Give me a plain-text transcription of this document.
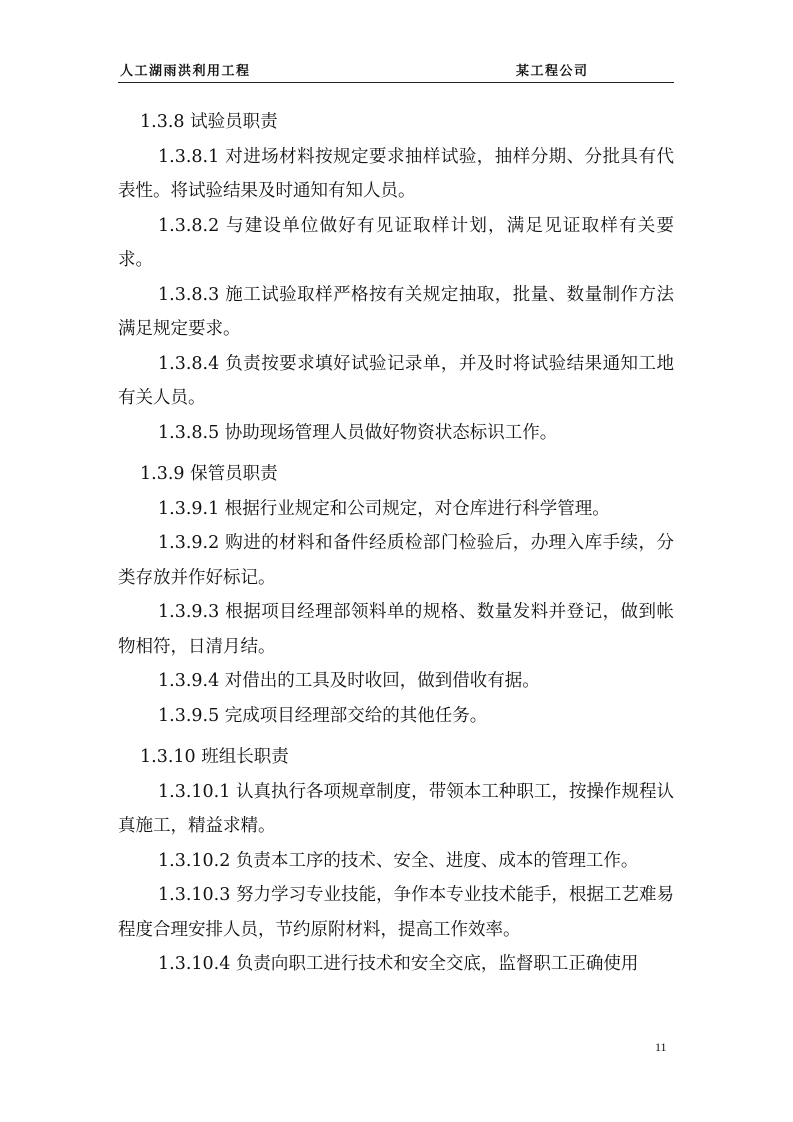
人工湖雨洪利用工程	某工程公司

1.3.8 试验员职责

1.3.8.1 对进场材料按规定要求抽样试验，抽样分期、分批具有代表性。将试验结果及时通知有知人员。

1.3.8.2 与建设单位做好有见证取样计划，满足见证取样有关要求。

1.3.8.3 施工试验取样严格按有关规定抽取，批量、数量制作方法满足规定要求。

1.3.8.4 负责按要求填好试验记录单，并及时将试验结果通知工地有关人员。

1.3.8.5 协助现场管理人员做好物资状态标识工作。

1.3.9 保管员职责

1.3.9.1 根据行业规定和公司规定，对仓库进行科学管理。

1.3.9.2 购进的材料和备件经质检部门检验后，办理入库手续，分类存放并作好标记。

1.3.9.3 根据项目经理部领料单的规格、数量发料并登记，做到帐物相符，日清月结。

1.3.9.4 对借出的工具及时收回，做到借收有据。

1.3.9.5 完成项目经理部交给的其他任务。

1.3.10 班组长职责

1.3.10.1 认真执行各项规章制度，带领本工种职工，按操作规程认真施工，精益求精。

1.3.10.2 负责本工序的技术、安全、进度、成本的管理工作。

1.3.10.3 努力学习专业技能，争作本专业技术能手，根据工艺难易程度合理安排人员，节约原附材料，提高工作效率。

1.3.10.4 负责向职工进行技术和安全交底，监督职工正确使用

11
